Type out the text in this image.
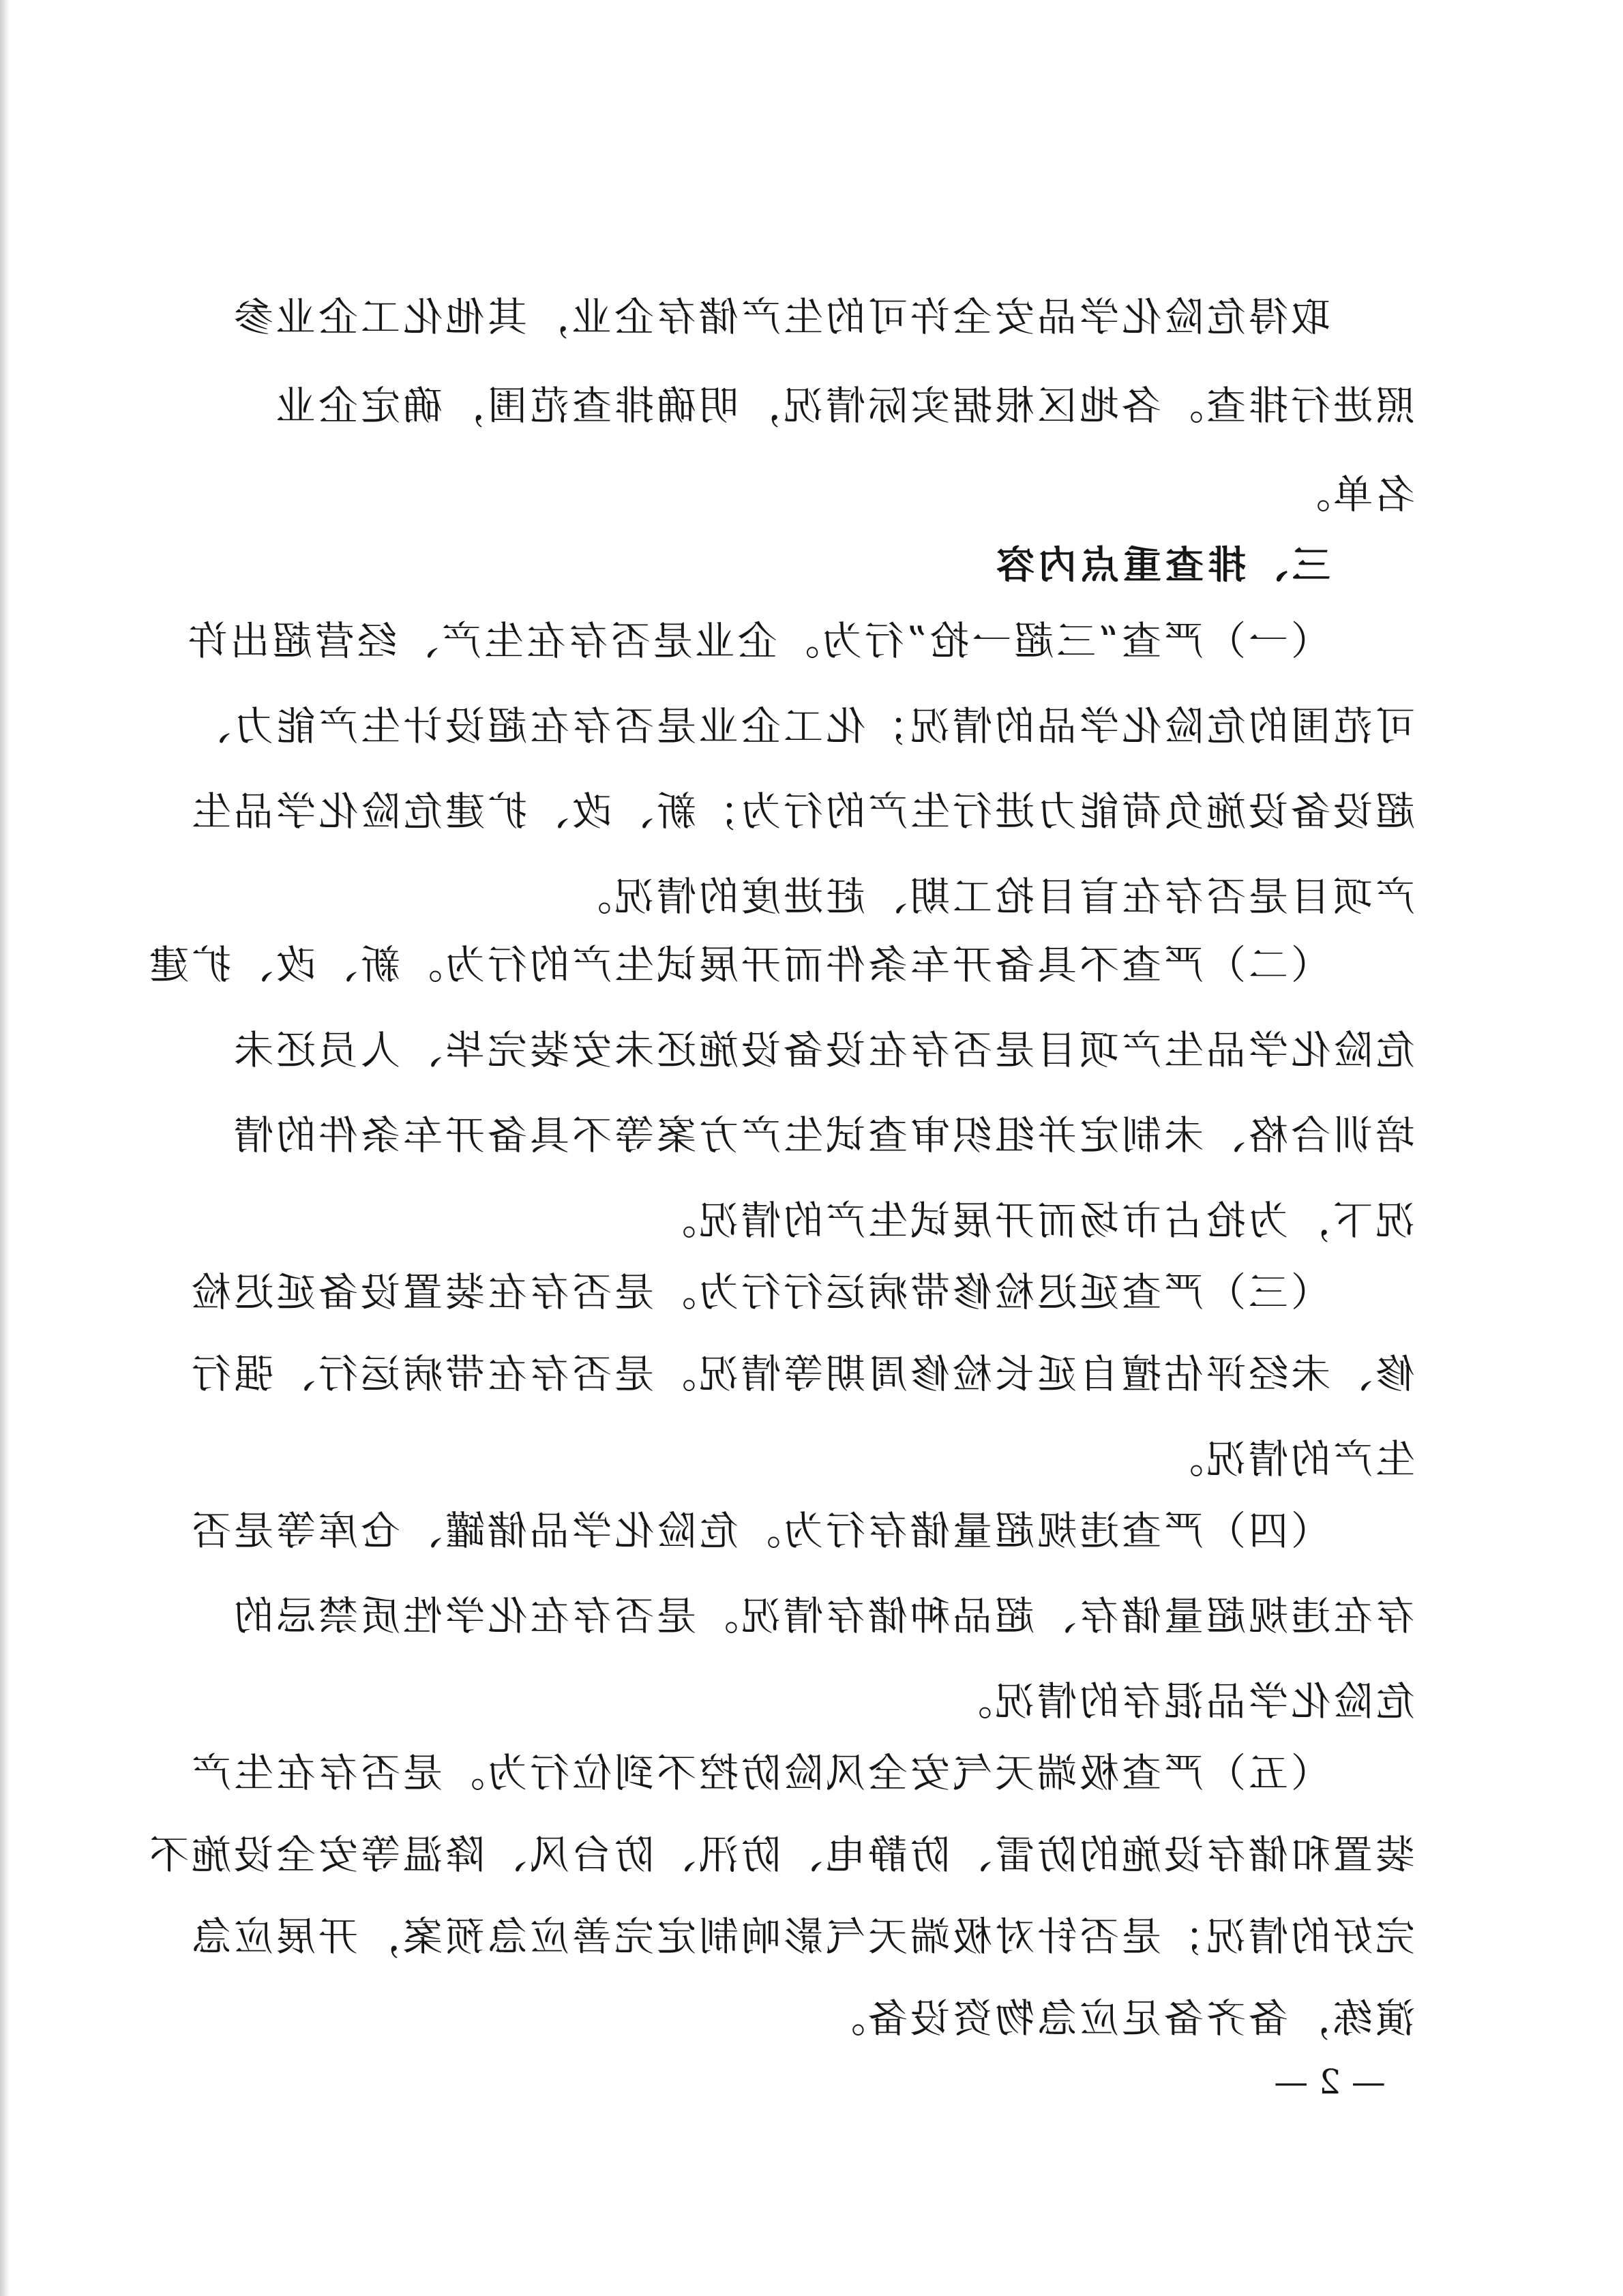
取得危险化学品安全许可的生产储存企业，其他化工企业参
照进行排查。各地区根据实际情况，明确排查范围，确定企业
名单。
三、排查重点内容
（一）严查“三超一抢”行为。企业是否存在生产、经营超出许
可范围的危险化学品的情况；化工企业是否存在超设计生产能力、
超设备设施负荷能力进行生产的行为；新、改、扩建危险化学品生
产项目是否存在盲目抢工期、赶进度的情况。
（二）严查不具备开车条件而开展试生产的行为。新、改、扩建
危险化学品生产项目是否存在设备设施还未安装完毕、人员还未
培训合格、未制定并组织审查试生产方案等不具备开车条件的情
况下，为抢占市场而开展试生产的情况。
（三）严查延迟检修带病运行行为。是否存在装置设备延迟检
修、未经评估擅自延长检修周期等情况。是否存在带病运行、强行
生产的情况。
（四）严查违规超量储存行为。危险化学品储罐、仓库等是否
存在违规超量储存、超品种储存情况。是否存在化学性质禁忌的
危险化学品混存的情况。
（五）严查极端天气安全风险防控不到位行为。是否存在生产
装置和储存设施的防雷、防静电、防汛、防台风、降温等安全设施不
完好的情况；是否针对极端天气影响制定完善应急预案，开展应急
演练，备齐备足应急物资设备。
— 2 —
